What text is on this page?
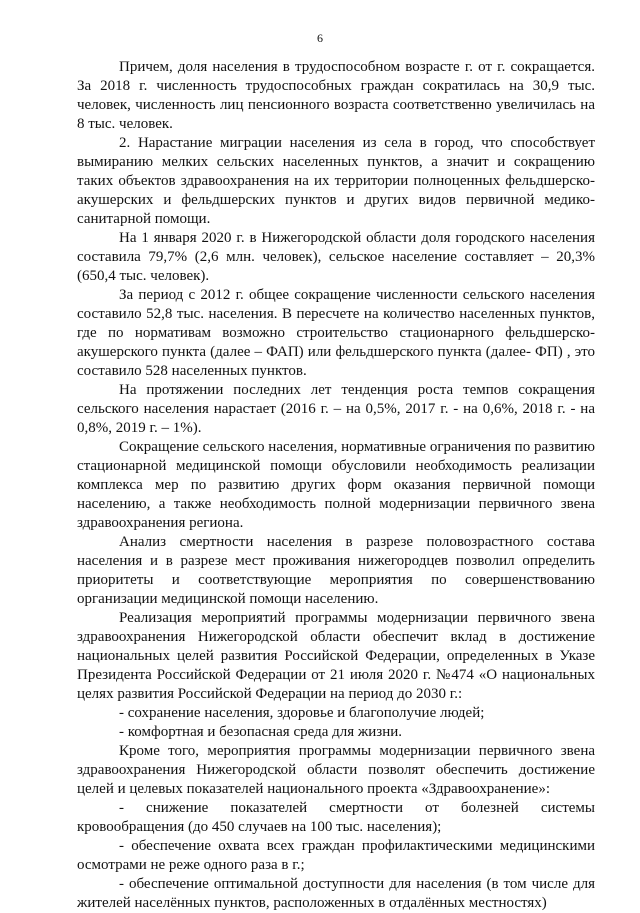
6

Причем, доля населения в трудоспособном возрасте г. от г. сокращается. За 2018 г. численность трудоспособных граждан сократилась на 30,9 тыс. человек, численность лиц пенсионного возраста соответственно увеличилась на 8 тыс. человек.

2. Нарастание миграции населения из села в город, что способствует вымиранию мелких сельских населенных пунктов, а значит и сокращению таких объектов здравоохранения на их территории полноценных фельдшерско-акушерских и фельдшерских пунктов и других видов первичной медико-санитарной помощи.

На 1 января 2020 г. в Нижегородской области доля городского населения составила 79,7% (2,6 млн. человек), сельское население составляет – 20,3% (650,4 тыс. человек).

За период с 2012 г. общее сокращение численности сельского населения составило 52,8 тыс. населения. В пересчете на количество населенных пунктов, где по нормативам возможно строительство стационарного фельдшерско-акушерского пункта (далее – ФАП) или фельдшерского пункта (далее- ФП) , это составило 528 населенных пунктов.

На протяжении последних лет тенденция роста темпов сокращения сельского населения нарастает (2016 г. – на 0,5%, 2017 г. - на 0,6%, 2018 г. - на 0,8%, 2019 г. – 1%).

Сокращение сельского населения, нормативные ограничения по развитию стационарной медицинской помощи обусловили необходимость реализации комплекса мер по развитию других форм оказания первичной помощи населению, а также необходимость полной модернизации первичного звена здравоохранения региона.

Анализ смертности населения в разрезе половозрастного состава населения и в разрезе мест проживания нижегородцев позволил определить приоритеты и соответствующие мероприятия по совершенствованию организации медицинской помощи населению.

Реализация мероприятий программы модернизации первичного звена здравоохранения Нижегородской области обеспечит вклад в достижение национальных целей развития Российской Федерации, определенных в Указе Президента Российской Федерации от 21 июля 2020 г. №474 «О национальных целях развития Российской Федерации на период до 2030 г.:

- сохранение населения, здоровье и благополучие людей;

- комфортная и безопасная среда для жизни.

Кроме того, мероприятия программы модернизации первичного звена здравоохранения Нижегородской области позволят обеспечить достижение целей и целевых показателей национального проекта «Здравоохранение»:

- снижение показателей смертности от болезней системы кровообращения (до 450 случаев на 100 тыс. населения);

- обеспечение охвата всех граждан профилактическими медицинскими осмотрами не реже одного раза в г.;

- обеспечение оптимальной доступности для населения (в том числе для жителей населённых пунктов, расположенных в отдалённых местностях)
